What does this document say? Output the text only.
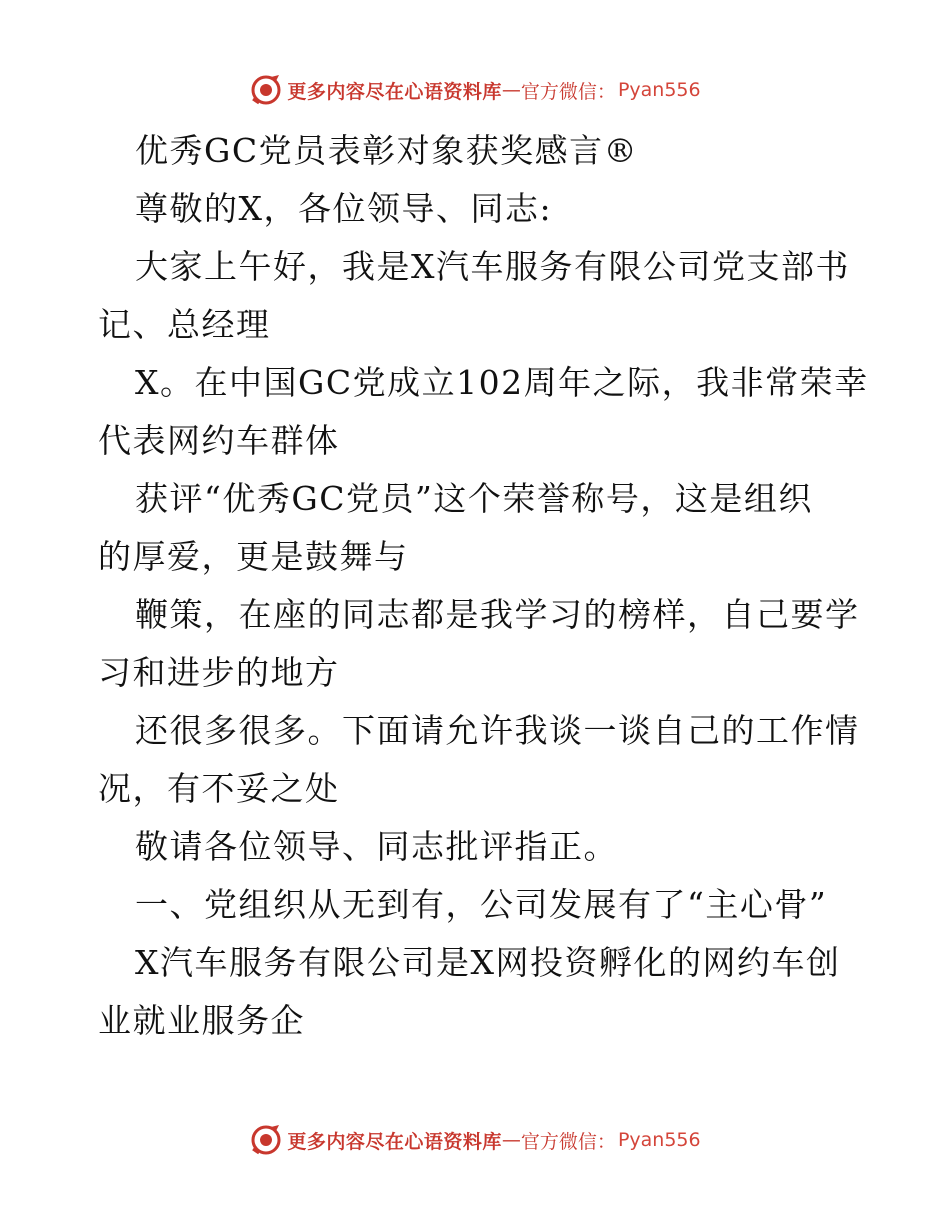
更多内容尽在心语资料库 — 官方微信： Pyan556
优秀GC党员表彰对象获奖感言®
尊敬的X，各位领导、同志:
大家上午好，我是X汽车服务有限公司党支部书
记、总经理
X。在中国GC党成立102周年之际，我非常荣幸
代表网约车群体
获评“优秀GC党员”这个荣誉称号，这是组织
的厚爱，更是鼓舞与
鞭策，在座的同志都是我学习的榜样，自己要学
习和进步的地方
还很多很多。下面请允许我谈一谈自己的工作情
况，有不妥之处
敬请各位领导、同志批评指正。
一、党组织从无到有，公司发展有了“主心骨”
X汽车服务有限公司是X网投资孵化的网约车创
业就业服务企
更多内容尽在心语资料库 — 官方微信： Pyan556
